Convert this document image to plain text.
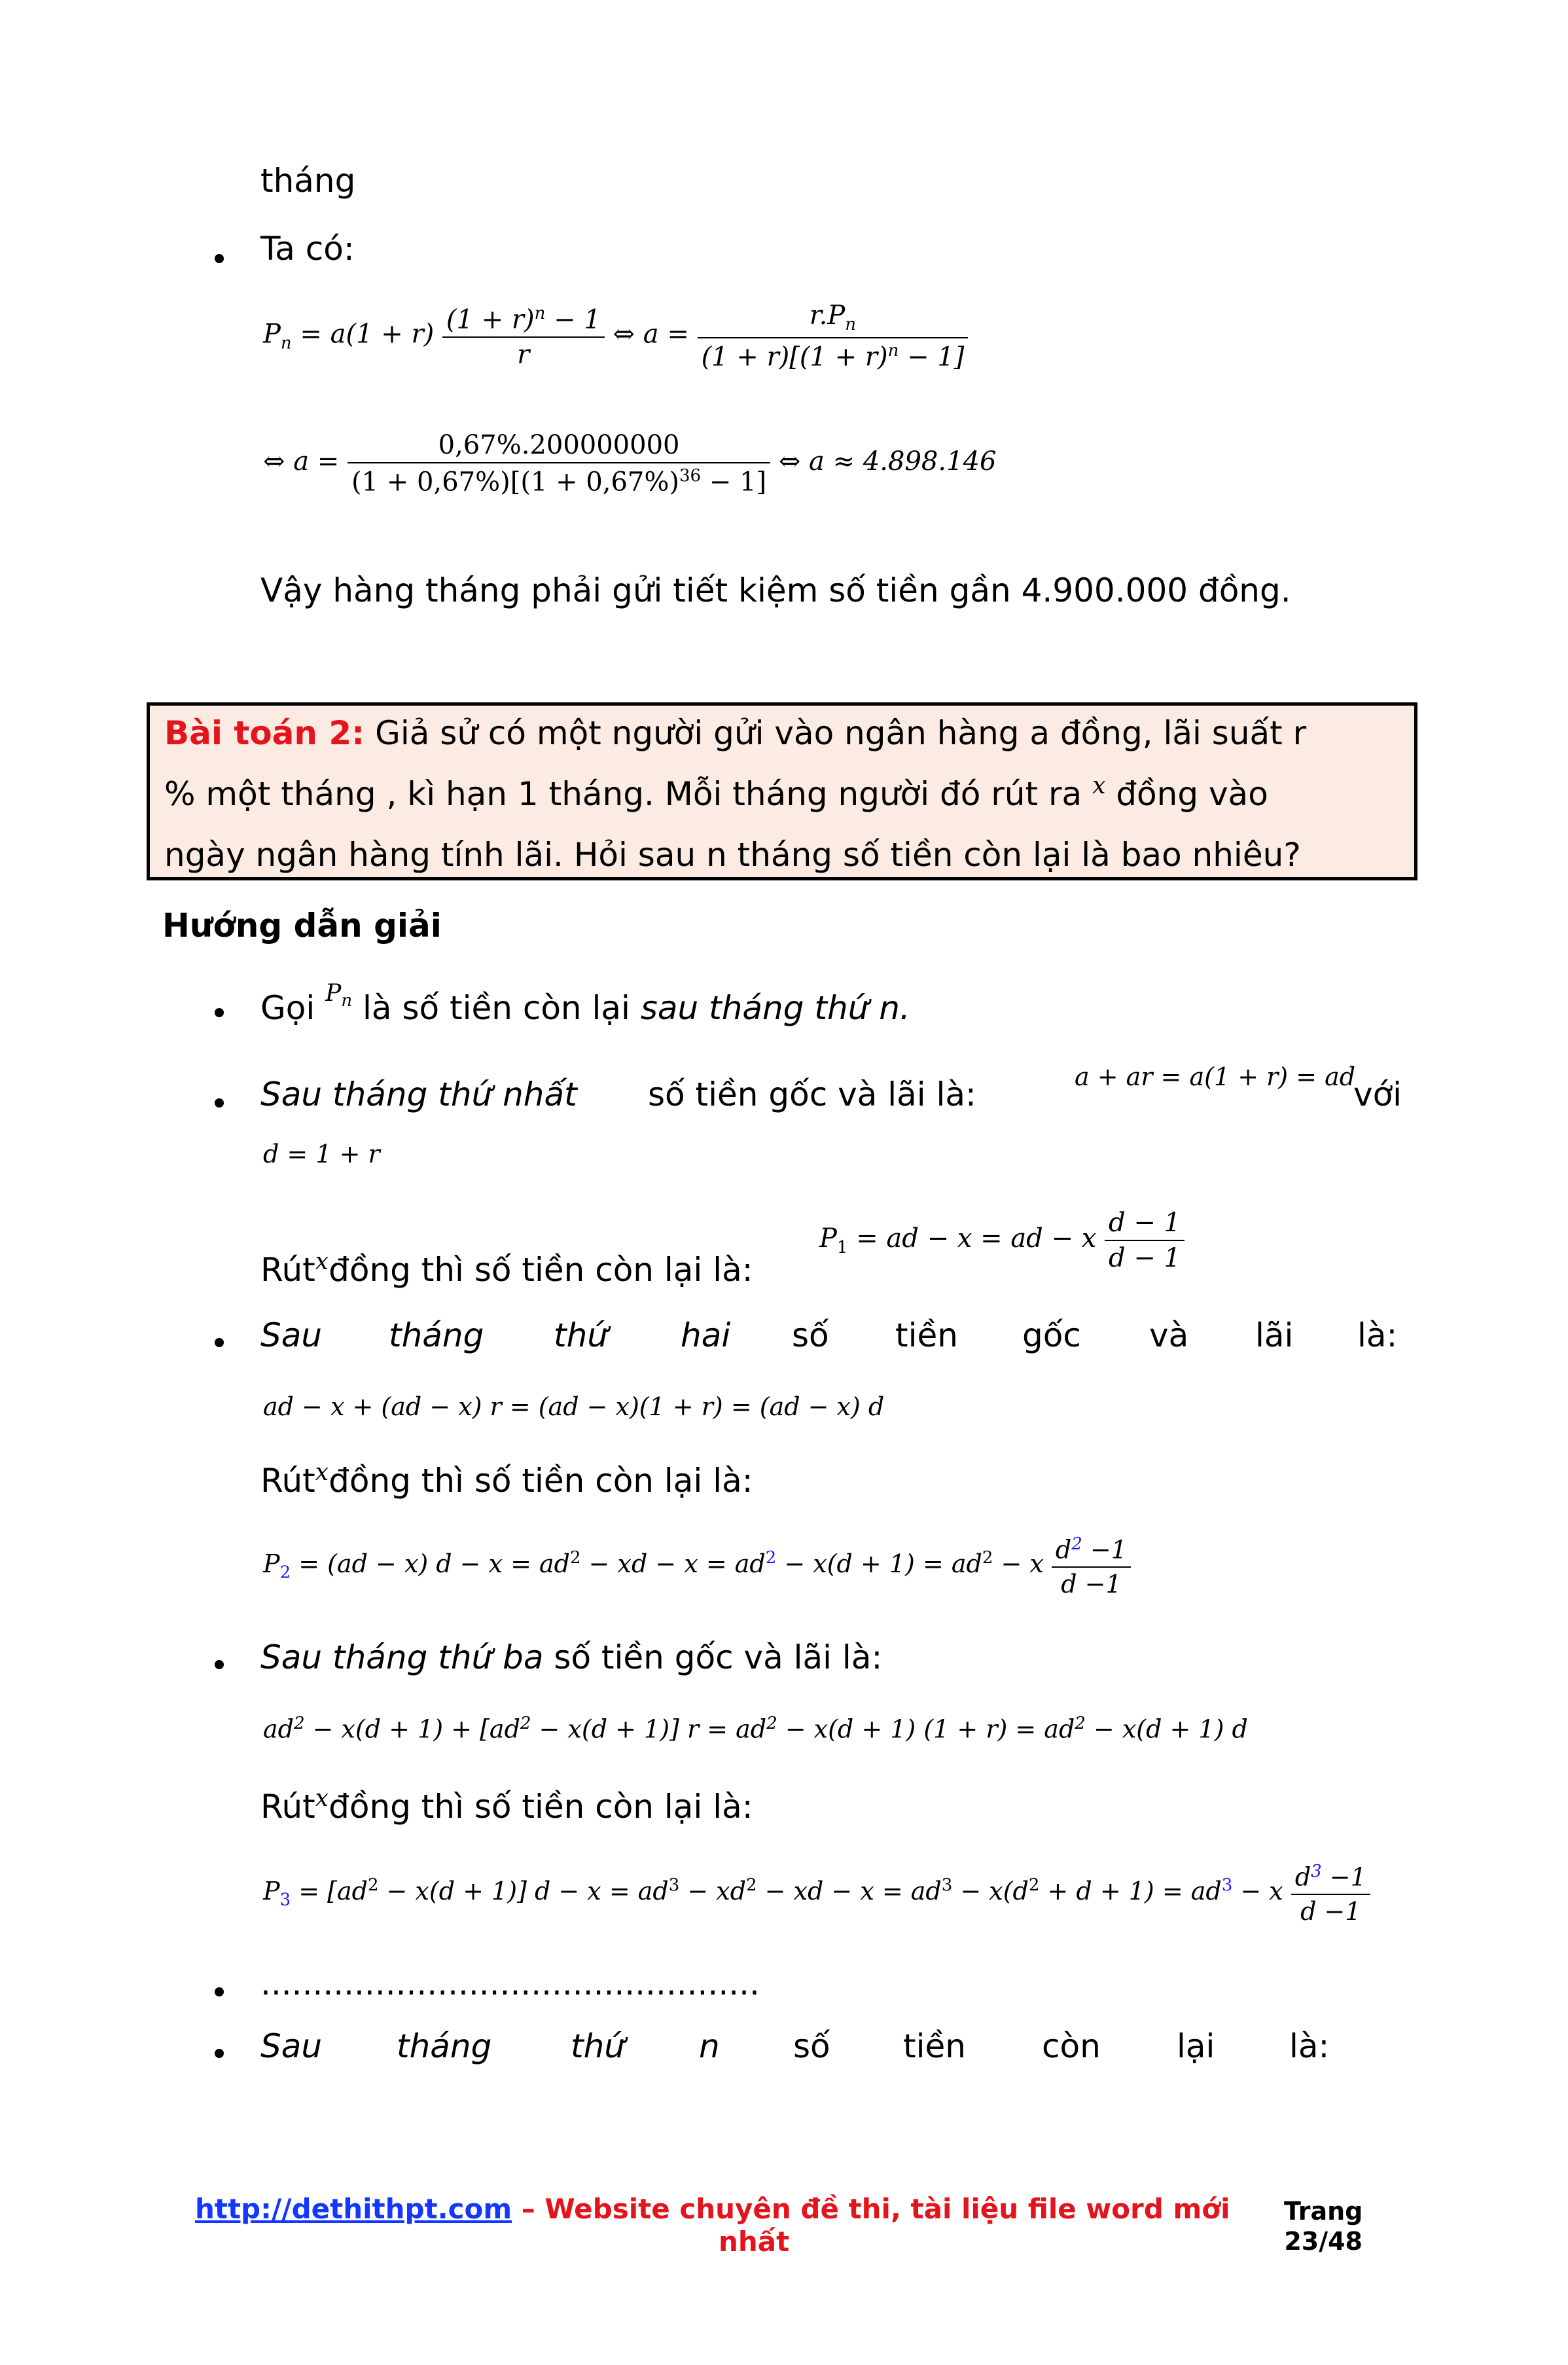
tháng
Ta có:
$P_n = a(1 + r) \frac{(1 + r)^n - 1}{r}$ ⇔ $a = \frac{r.P_n}{(1 + r)[(1 + r)^n - 1]}$
⇔ $a = \frac{0,67\%.200000000}{(1 + 0,67\%)[(1 + 0,67\%)^{36} - 1]}$ ⇔ a ≈ 4.898.146
Vậy hàng tháng phải gửi tiết kiệm số tiền gần 4.900.000 đồng.
Bài toán 2: Giả sử có một người gửi vào ngân hàng a đồng, lãi suất r
% một tháng , kì hạn 1 tháng. Mỗi tháng người đó rút ra $^x$ đồng vào
ngày ngân hàng tính lãi. Hỏi sau n tháng số tiền còn lại là bao nhiêu?
Hướng dẫn giải
Gọi $^{P_n}$ là số tiền còn lại sau tháng thứ n.
Sau tháng thứ nhất số tiền gốc và lãi là:	a + ar = a(1 + r) = ad
với
d = 1 + r
Rút$^x$đồng thì số tiền còn lại là:
$P_1$ = ad − x = ad − x $\frac{d - 1}{d - 1}$
Sau tháng thứ hai số tiền gốc và lãi là:
ad − x + (ad − x) r = (ad − x)(1 + r) = (ad − x) d
Rút$^x$đồng thì số tiền còn lại là:
$P_2 = (ad - x) d - x = ad^2$ − xd − $x = ad^2 - x(d + 1) = ad^2 - x \frac{d^2 -1}{d -1}$
Sau tháng thứ ba số tiền gốc và lãi là:
$ad^2 - x(d + 1) + [ad^2 - x(d + 1)] r = ad^2 - x(d + 1) (1 + r) = ad^2 - x(d + 1)$ d
Rút$^x$đồng thì số tiền còn lại là:
$P_3 = [ad^2 - x(d + 1)] d - x = ad^3 - xd^2$ − xd − $x = ad^3 - x(d^2 + d + 1) = ad^3 - x \frac{d^3 -1}{d -1}$
................................................
Sau tháng thứ n số tiền còn lại là:
http://dethithpt.com – Website chuyên đề thi, tài liệu file word mới
nhất
Trang
23/48
